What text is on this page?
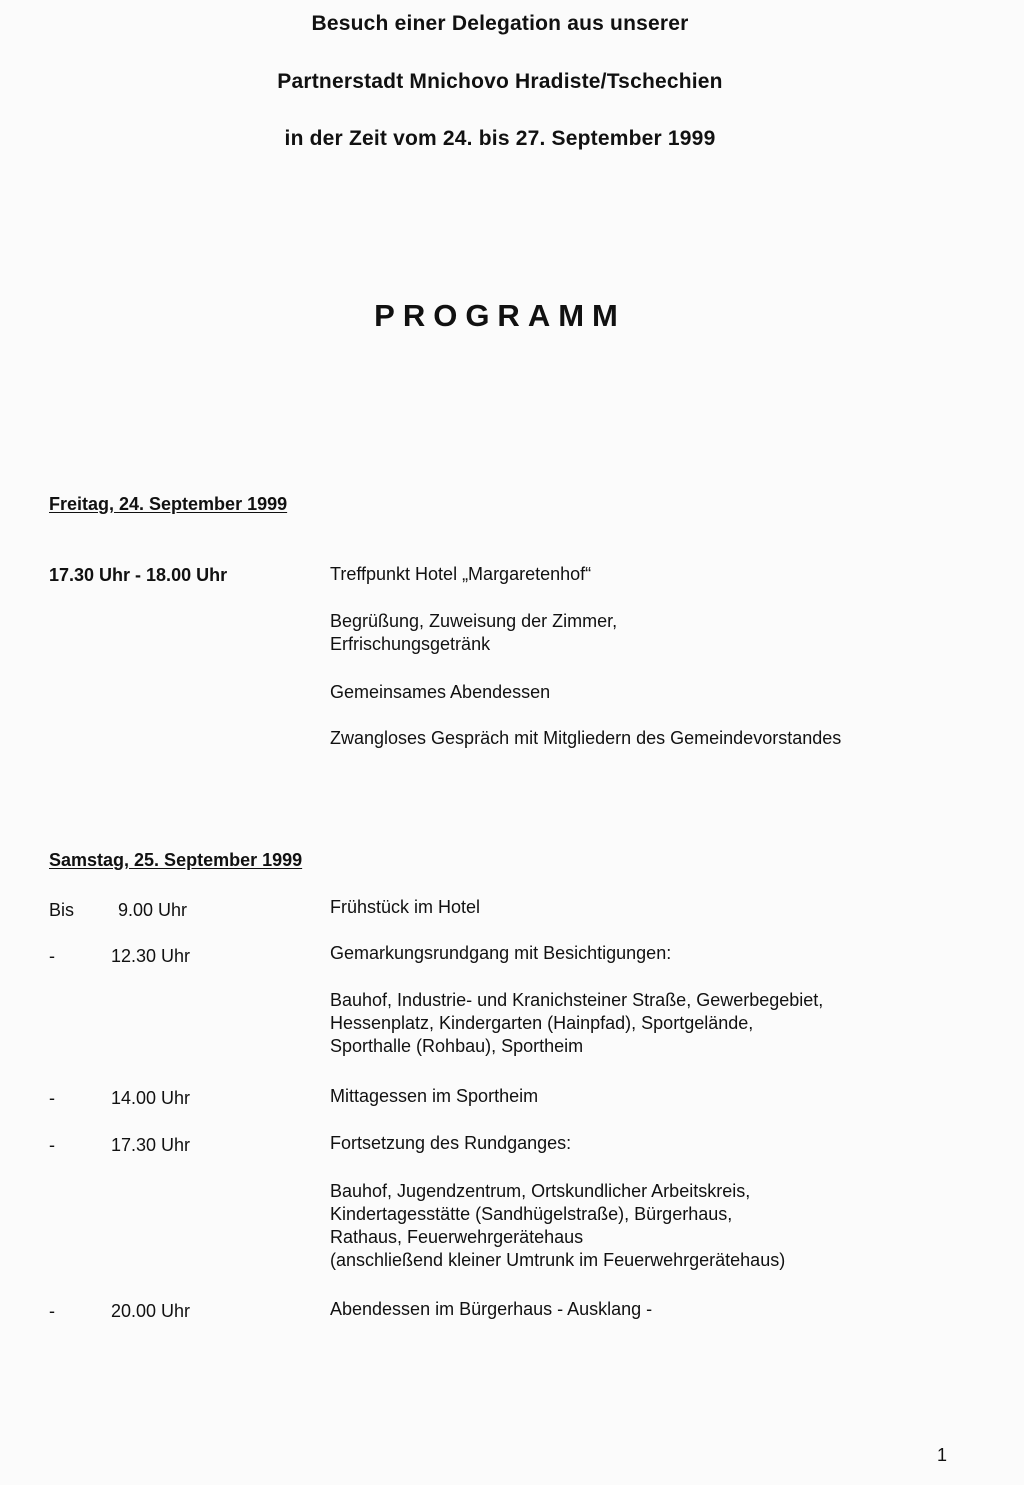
Besuch einer Delegation aus unserer
Partnerstadt Mnichovo Hradiste/Tschechien
in der Zeit vom 24. bis 27. September 1999
PROGRAMM
Freitag, 24. September 1999
17.30 Uhr - 18.00 Uhr	Treffpunkt Hotel „Margaretenhof“
Begrüßung, Zuweisung der Zimmer,
Erfrischungsgetränk
Gemeinsames Abendessen
Zwangloses Gespräch mit Mitgliedern des Gemeindevorstandes
Samstag, 25. September 1999
Bis 9.00 Uhr	Frühstück im Hotel
-	12.30 Uhr	Gemarkungsrundgang mit Besichtigungen:
Bauhof, Industrie- und Kranichsteiner Straße, Gewerbegebiet,
Hessenplatz, Kindergarten (Hainpfad), Sportgelände,
Sporthalle (Rohbau), Sportheim
-	14.00 Uhr	Mittagessen im Sportheim
-	17.30 Uhr	Fortsetzung des Rundganges:
Bauhof, Jugendzentrum, Ortskundlicher Arbeitskreis,
Kindertagesstätte (Sandhügelstraße), Bürgerhaus,
Rathaus, Feuerwehrgerätehaus
(anschließend kleiner Umtrunk im Feuerwehrgerätehaus)
-	20.00 Uhr	Abendessen im Bürgerhaus - Ausklang -
1
